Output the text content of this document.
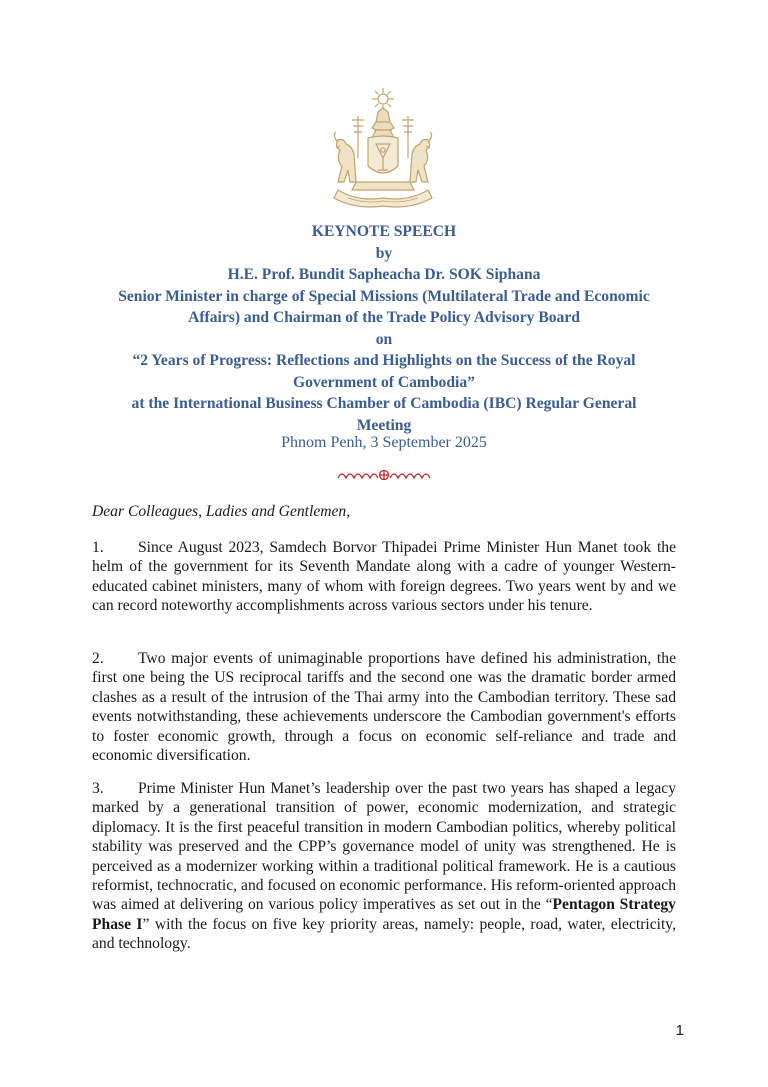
KEYNOTE SPEECH
by
H.E. Prof. Bundit Sapheacha Dr. SOK Siphana
Senior Minister in charge of Special Missions (Multilateral Trade and Economic
Affairs) and Chairman of the Trade Policy Advisory Board
on
“2 Years of Progress: Reflections and Highlights on the Success of the Royal
Government of Cambodia”
at the International Business Chamber of Cambodia (IBC) Regular General
Meeting
Phnom Penh, 3 September 2025
Dear Colleagues, Ladies and Gentlemen,
1. Since August 2023, Samdech Borvor Thipadei Prime Minister Hun Manet took the helm of the government for its Seventh Mandate along with a cadre of younger Western-educated cabinet ministers, many of whom with foreign degrees. Two years went by and we can record noteworthy accomplishments across various sectors under his tenure.
2. Two major events of unimaginable proportions have defined his administration, the first one being the US reciprocal tariffs and the second one was the dramatic border armed clashes as a result of the intrusion of the Thai army into the Cambodian territory. These sad events notwithstanding, these achievements underscore the Cambodian government's efforts to foster economic growth, through a focus on economic self-reliance and trade and economic diversification.
3. Prime Minister Hun Manet’s leadership over the past two years has shaped a legacy marked by a generational transition of power, economic modernization, and strategic diplomacy. It is the first peaceful transition in modern Cambodian politics, whereby political stability was preserved and the CPP’s governance model of unity was strengthened. He is perceived as a modernizer working within a traditional political framework. He is a cautious reformist, technocratic, and focused on economic performance. His reform-oriented approach was aimed at delivering on various policy imperatives as set out in the “Pentagon Strategy Phase I” with the focus on five key priority areas, namely: people, road, water, electricity, and technology.
1
